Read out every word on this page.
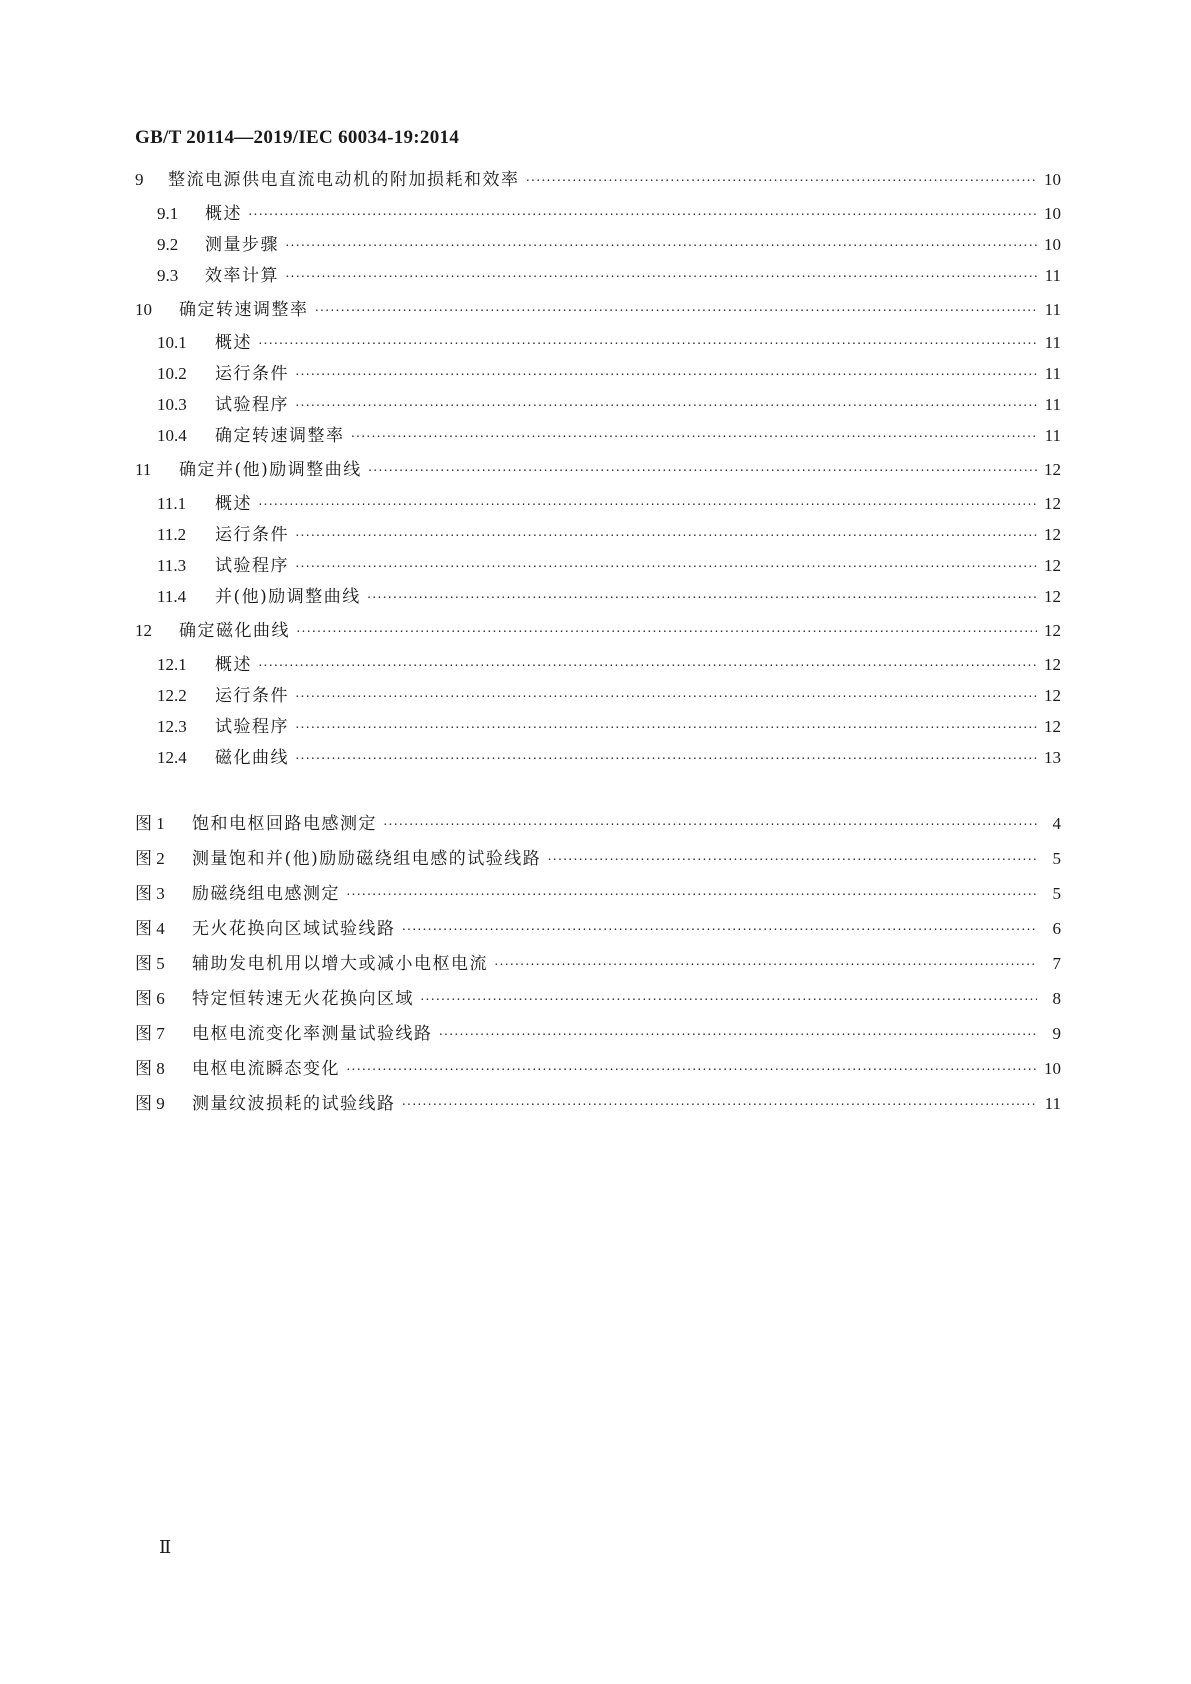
GB/T 20114—2019/IEC 60034-19:2014
9	整流电源供电直流电动机的附加损耗和效率 ·····	10
9.1	概述 ·····	10
9.2	测量步骤 ·····	10
9.3	效率计算 ·····	11
10	确定转速调整率 ·····	11
10.1	概述 ·····	11
10.2	运行条件 ·····	11
10.3	试验程序 ·····	11
10.4	确定转速调整率 ·····	11
11	确定并(他)励调整曲线 ·····	12
11.1	概述 ·····	12
11.2	运行条件 ·····	12
11.3	试验程序 ·····	12
11.4	并(他)励调整曲线 ·····	12
12	确定磁化曲线 ·····	12
12.1	概述 ·····	12
12.2	运行条件 ·····	12
12.3	试验程序 ·····	12
12.4	磁化曲线 ·····	13
图 1	饱和电枢回路电感测定 ·····	4
图 2	测量饱和并(他)励励磁绕组电感的试验线路 ·····	5
图 3	励磁绕组电感测定 ·····	5
图 4	无火花换向区域试验线路 ·····	6
图 5	辅助发电机用以增大或减小电枢电流 ·····	7
图 6	特定恒转速无火花换向区域 ·····	8
图 7	电枢电流变化率测量试验线路 ·····	9
图 8	电枢电流瞬态变化 ·····	10
图 9	测量纹波损耗的试验线路 ·····	11
Ⅱ
